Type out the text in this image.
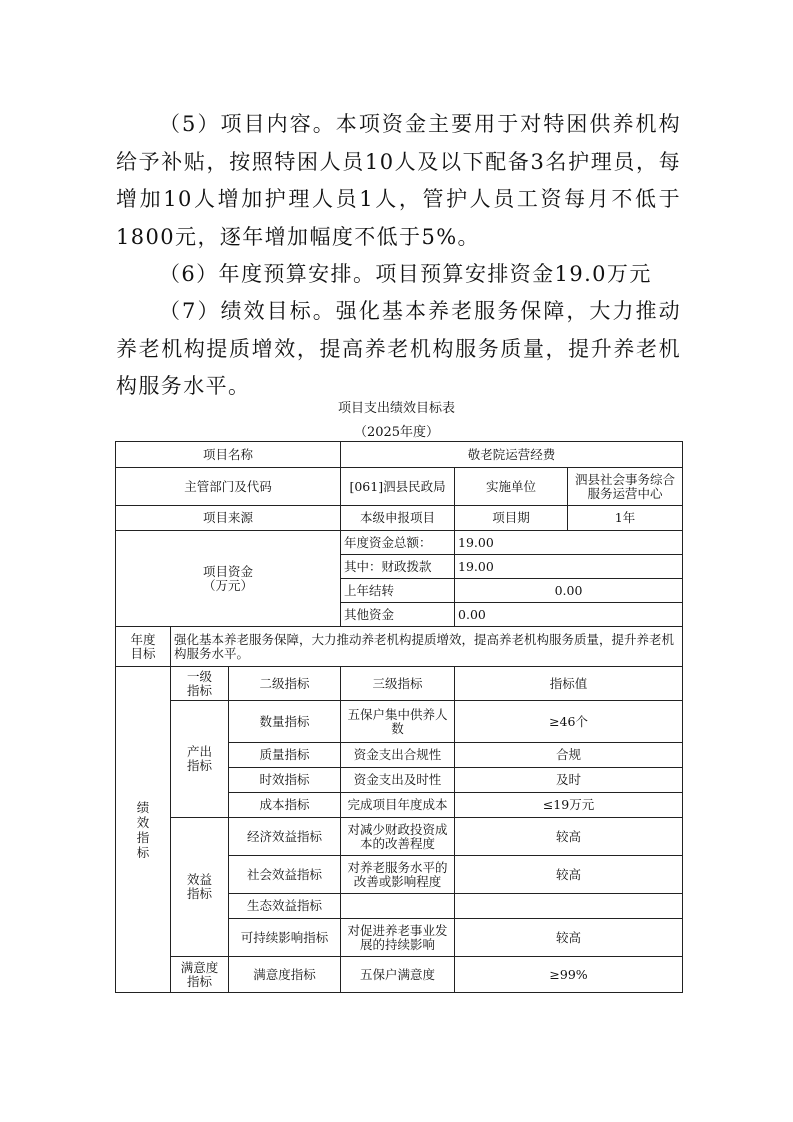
（5）项目内容。本项资金主要用于对特困供养机构给予补贴，按照特困人员10人及以下配备3名护理员，每增加10人增加护理人员1人，管护人员工资每月不低于1800元，逐年增加幅度不低于5%。

（6）年度预算安排。项目预算安排资金19.0万元

（7）绩效目标。强化基本养老服务保障，大力推动养老机构提质增效，提高养老机构服务质量，提升养老机构服务水平。

项目支出绩效目标表

（2025年度）

项目名称			敬老院运营经费		
主管部门及代码			[061]泗县民政局	实施单位	泗县社会事务综合服务运营中心
项目来源			本级申报项目	项目期	1年
项目资金（万元）			年度资金总额：	19.00	
			其中：财政拨款	19.00	
			上年结转	0.00	
			其他资金	0.00	
年度目标	强化基本养老服务保障，大力推动养老机构提质增效，提高养老机构服务质量，提升养老机构服务水平。				
绩效指标	一级指标	二级指标	三级指标	指标值	
	产出指标	数量指标	五保户集中供养人数	≥46个	
		质量指标	资金支出合规性	合规	
		时效指标	资金支出及时性	及时	
		成本指标	完成项目年度成本	≤19万元	
	效益指标	经济效益指标	对减少财政投资成本的改善程度	较高	
		社会效益指标	对养老服务水平的改善或影响程度	较高	
		生态效益指标			
		可持续影响指标	对促进养老事业发展的持续影响	较高	
	满意度指标	满意度指标	五保户满意度	≥99%	
